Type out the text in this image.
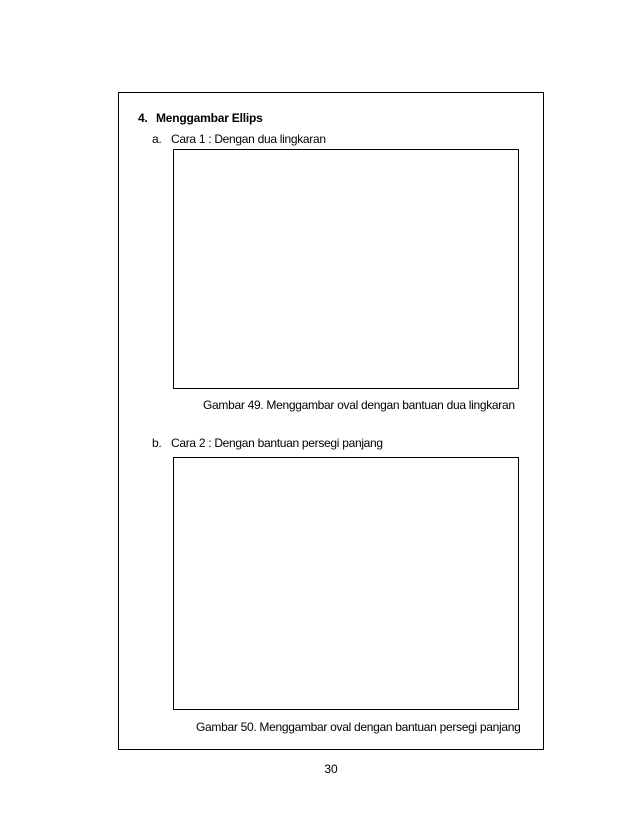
4. Menggambar Ellips
a. Cara 1 : Dengan dua lingkaran
Gambar 49. Menggambar oval dengan bantuan dua lingkaran
b. Cara 2 : Dengan bantuan persegi panjang
Gambar 50. Menggambar oval dengan bantuan persegi panjang
30
